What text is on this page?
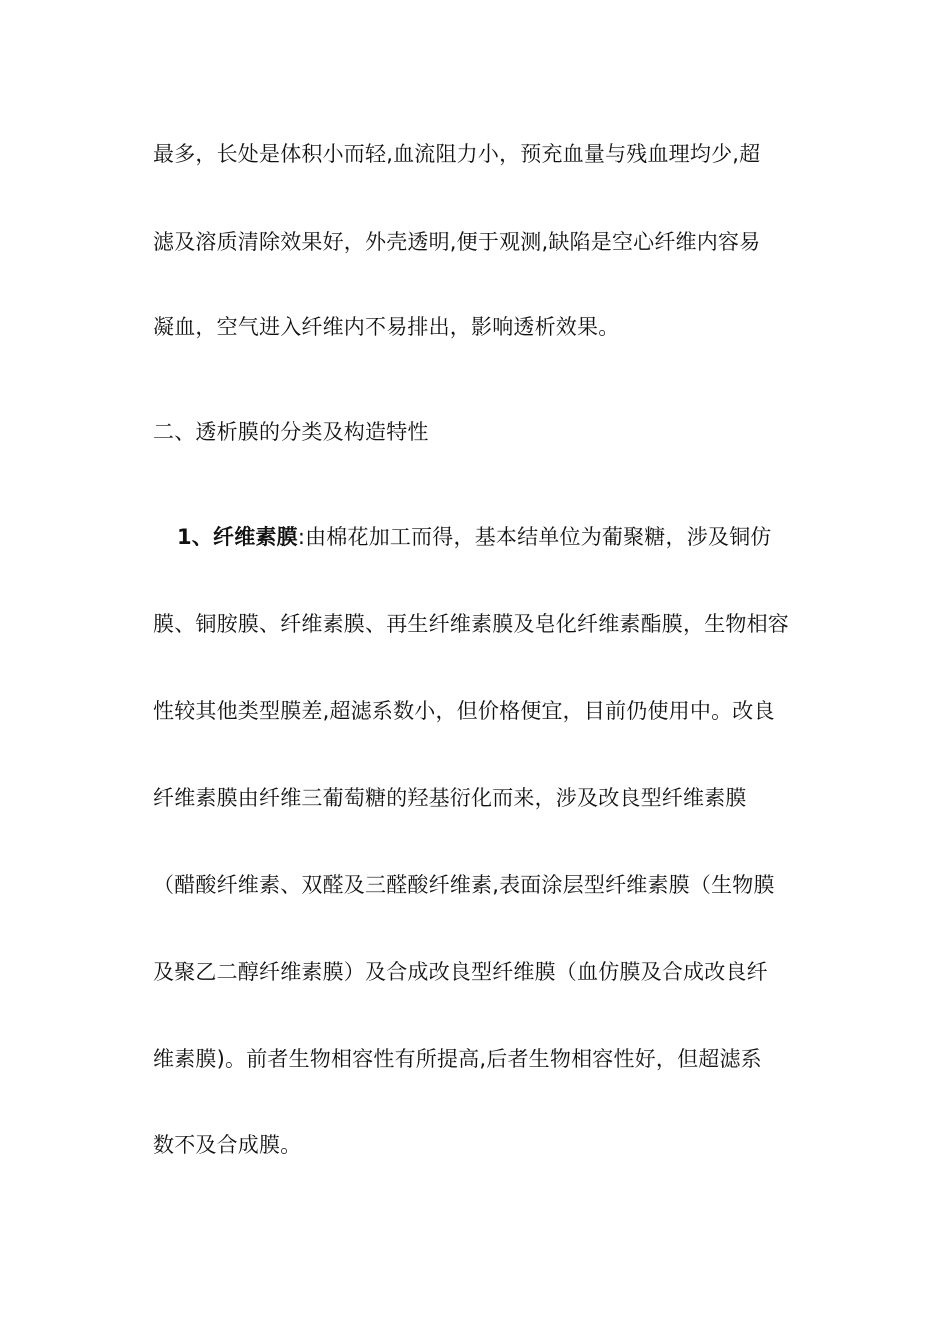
最多，长处是体积小而轻,血流阻力小，预充血量与残血理均少,超
滤及溶质清除效果好，外壳透明,便于观测,缺陷是空心纤维内容易
凝血，空气进入纤维内不易排出，影响透析效果。
二、透析膜的分类及构造特性
1、纤维素膜:由棉花加工而得，基本结单位为葡聚糖，涉及铜仿
膜、铜胺膜、纤维素膜、再生纤维素膜及皂化纤维素酯膜，生物相容
性较其他类型膜差,超滤系数小，但价格便宜，目前仍使用中。改良
纤维素膜由纤维三葡萄糖的羟基衍化而来，涉及改良型纤维素膜
（醋酸纤维素、双醛及三醛酸纤维素,表面涂层型纤维素膜（生物膜
及聚乙二醇纤维素膜）及合成改良型纤维膜（血仿膜及合成改良纤
维素膜)。前者生物相容性有所提高,后者生物相容性好，但超滤系
数不及合成膜。
